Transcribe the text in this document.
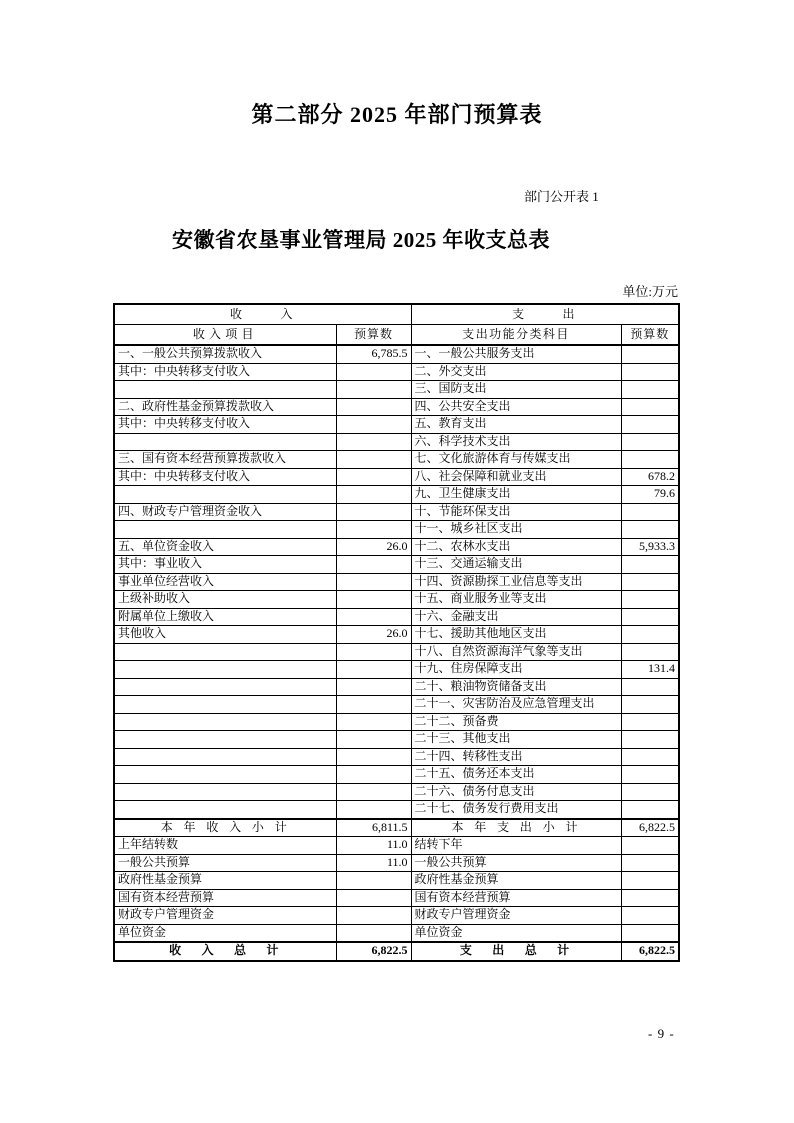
第二部分 2025 年部门预算表
部门公开表 1
安徽省农垦事业管理局 2025 年收支总表
单位:万元
收入		支出	
收入项目	预算数	支出功能分类科目	预算数
一、一般公共预算拨款收入	6,785.5	一、一般公共服务支出	
其中：中央转移支付收入		二、外交支出	
		三、国防支出	
二、政府性基金预算拨款收入		四、公共安全支出	
其中：中央转移支付收入		五、教育支出	
		六、科学技术支出	
三、国有资本经营预算拨款收入		七、文化旅游体育与传媒支出	
其中：中央转移支付收入		八、社会保障和就业支出	678.2
		九、卫生健康支出	79.6
四、财政专户管理资金收入		十、节能环保支出	
		十一、城乡社区支出	
五、单位资金收入	26.0	十二、农林水支出	5,933.3
其中：事业收入		十三、交通运输支出	
事业单位经营收入		十四、资源勘探工业信息等支出	
上级补助收入		十五、商业服务业等支出	
附属单位上缴收入		十六、金融支出	
其他收入	26.0	十七、援助其他地区支出	
		十八、自然资源海洋气象等支出	
		十九、住房保障支出	131.4
		二十、粮油物资储备支出	
		二十一、灾害防治及应急管理支出	
		二十二、预备费	
		二十三、其他支出	
		二十四、转移性支出	
		二十五、债务还本支出	
		二十六、债务付息支出	
		二十七、债务发行费用支出	
本年收入小计	6,811.5	本年支出小计	6,822.5
上年结转数	11.0	结转下年	
一般公共预算	11.0	一般公共预算	
政府性基金预算		政府性基金预算	
国有资本经营预算		国有资本经营预算	
财政专户管理资金		财政专户管理资金	
单位资金		单位资金	
收入总计	6,822.5	支出总计	6,822.5
- 9 -
